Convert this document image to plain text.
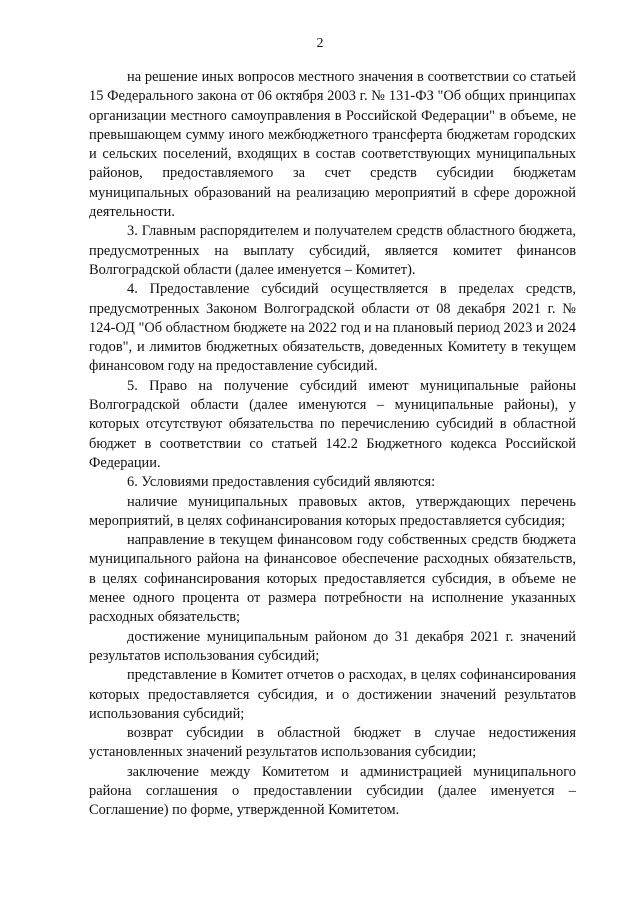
2

на решение иных вопросов местного значения в соответствии со статьей 15 Федерального закона от 06 октября 2003 г. № 131-ФЗ "Об общих принципах организации местного самоуправления в Российской Федерации" в объеме, не превышающем сумму иного межбюджетного трансферта бюджетам городских и сельских поселений, входящих в состав соответствующих муниципальных районов, предоставляемого за счет средств субсидии бюджетам муниципальных образований на реализацию мероприятий в сфере дорожной деятельности.

3. Главным распорядителем и получателем средств областного бюджета, предусмотренных на выплату субсидий, является комитет финансов Волгоградской области (далее именуется – Комитет).

4. Предоставление субсидий осуществляется в пределах средств, предусмотренных Законом Волгоградской области от 08 декабря 2021 г. № 124-ОД "Об областном бюджете на 2022 год и на плановый период 2023 и 2024 годов", и лимитов бюджетных обязательств, доведенных Комитету в текущем финансовом году на предоставление субсидий.

5. Право на получение субсидий имеют муниципальные районы Волгоградской области (далее именуются – муниципальные районы), у которых отсутствуют обязательства по перечислению субсидий в областной бюджет в соответствии со статьей 142.2 Бюджетного кодекса Российской Федерации.

6. Условиями предоставления субсидий являются:

наличие муниципальных правовых актов, утверждающих перечень мероприятий, в целях софинансирования которых предоставляется субсидия;

направление в текущем финансовом году собственных средств бюджета муниципального района на финансовое обеспечение расходных обязательств, в целях софинансирования которых предоставляется субсидия, в объеме не менее одного процента от размера потребности на исполнение указанных расходных обязательств;

достижение муниципальным районом до 31 декабря 2021 г. значений результатов использования субсидий;

представление в Комитет отчетов о расходах, в целях софинансирования которых предоставляется субсидия, и о достижении значений результатов использования субсидий;

возврат субсидии в областной бюджет в случае недостижения установленных значений результатов использования субсидии;

заключение между Комитетом и администрацией муниципального района соглашения о предоставлении субсидии (далее именуется – Соглашение) по форме, утвержденной Комитетом.
